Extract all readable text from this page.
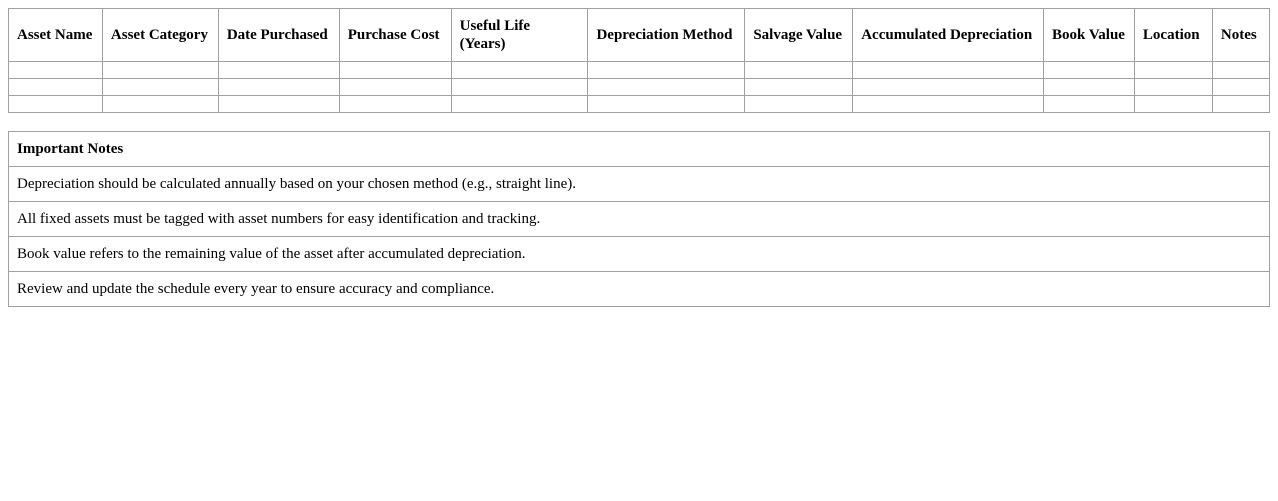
Asset Name	Asset Category	Date Purchased	Purchase Cost	Useful Life (Years)	Depreciation Method	Salvage Value	Accumulated Depreciation	Book Value	Location	Notes

Important Notes
Depreciation should be calculated annually based on your chosen method (e.g., straight line).
All fixed assets must be tagged with asset numbers for easy identification and tracking.
Book value refers to the remaining value of the asset after accumulated depreciation.
Review and update the schedule every year to ensure accuracy and compliance.
